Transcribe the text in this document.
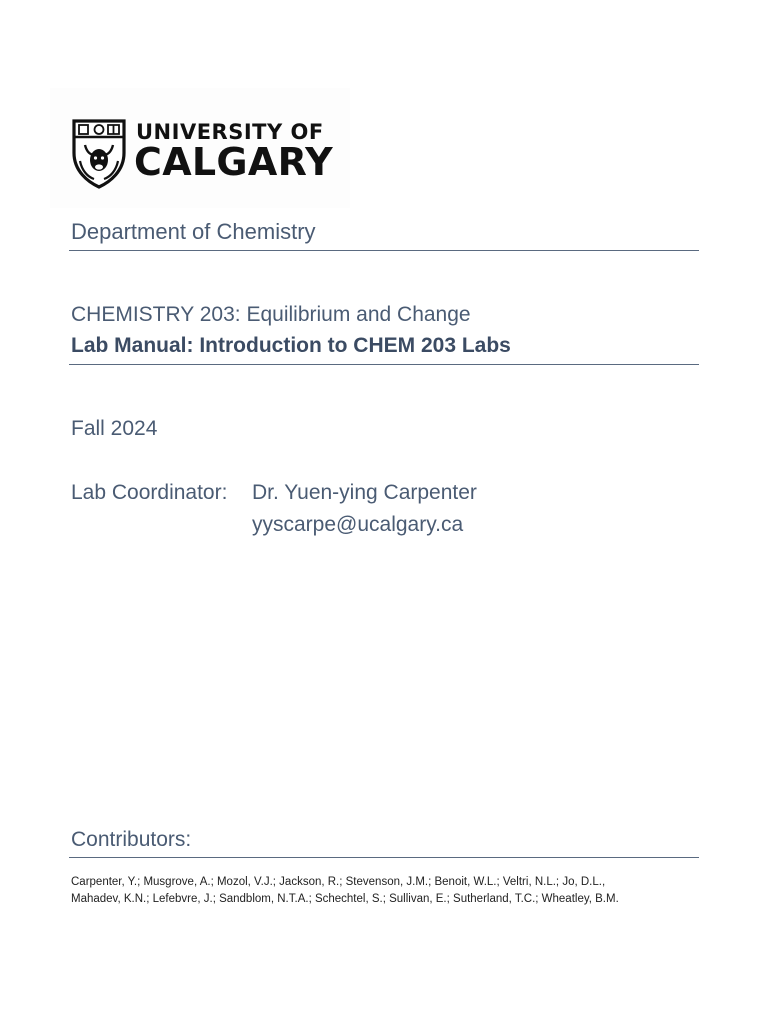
UNIVERSITY OF
CALGARY
Department of Chemistry
CHEMISTRY 203: Equilibrium and Change
Lab Manual: Introduction to CHEM 203 Labs
Fall 2024
Lab Coordinator: Dr. Yuen-ying Carpenter
yyscarpe@ucalgary.ca
Contributors:
Carpenter, Y.; Musgrove, A.; Mozol, V.J.; Jackson, R.; Stevenson, J.M.; Benoit, W.L.; Veltri, N.L.; Jo, D.L.,
Mahadev, K.N.; Lefebvre, J.; Sandblom, N.T.A.; Schechtel, S.; Sullivan, E.; Sutherland, T.C.; Wheatley, B.M.
